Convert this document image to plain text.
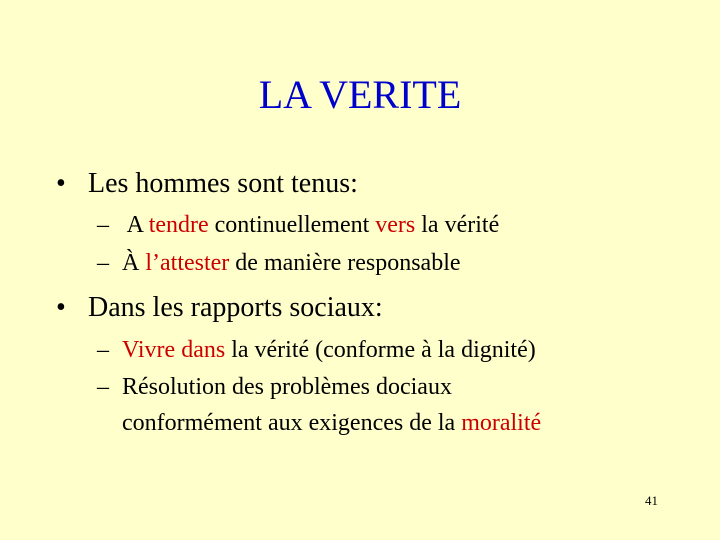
LA VERITE
• Les hommes sont tenus:
– A tendre continuellement vers la vérité
– À l’attester de manière responsable
• Dans les rapports sociaux:
– Vivre dans la vérité (conforme à la dignité)
– Résolution des problèmes dociaux
conformément aux exigences de la moralité
41
